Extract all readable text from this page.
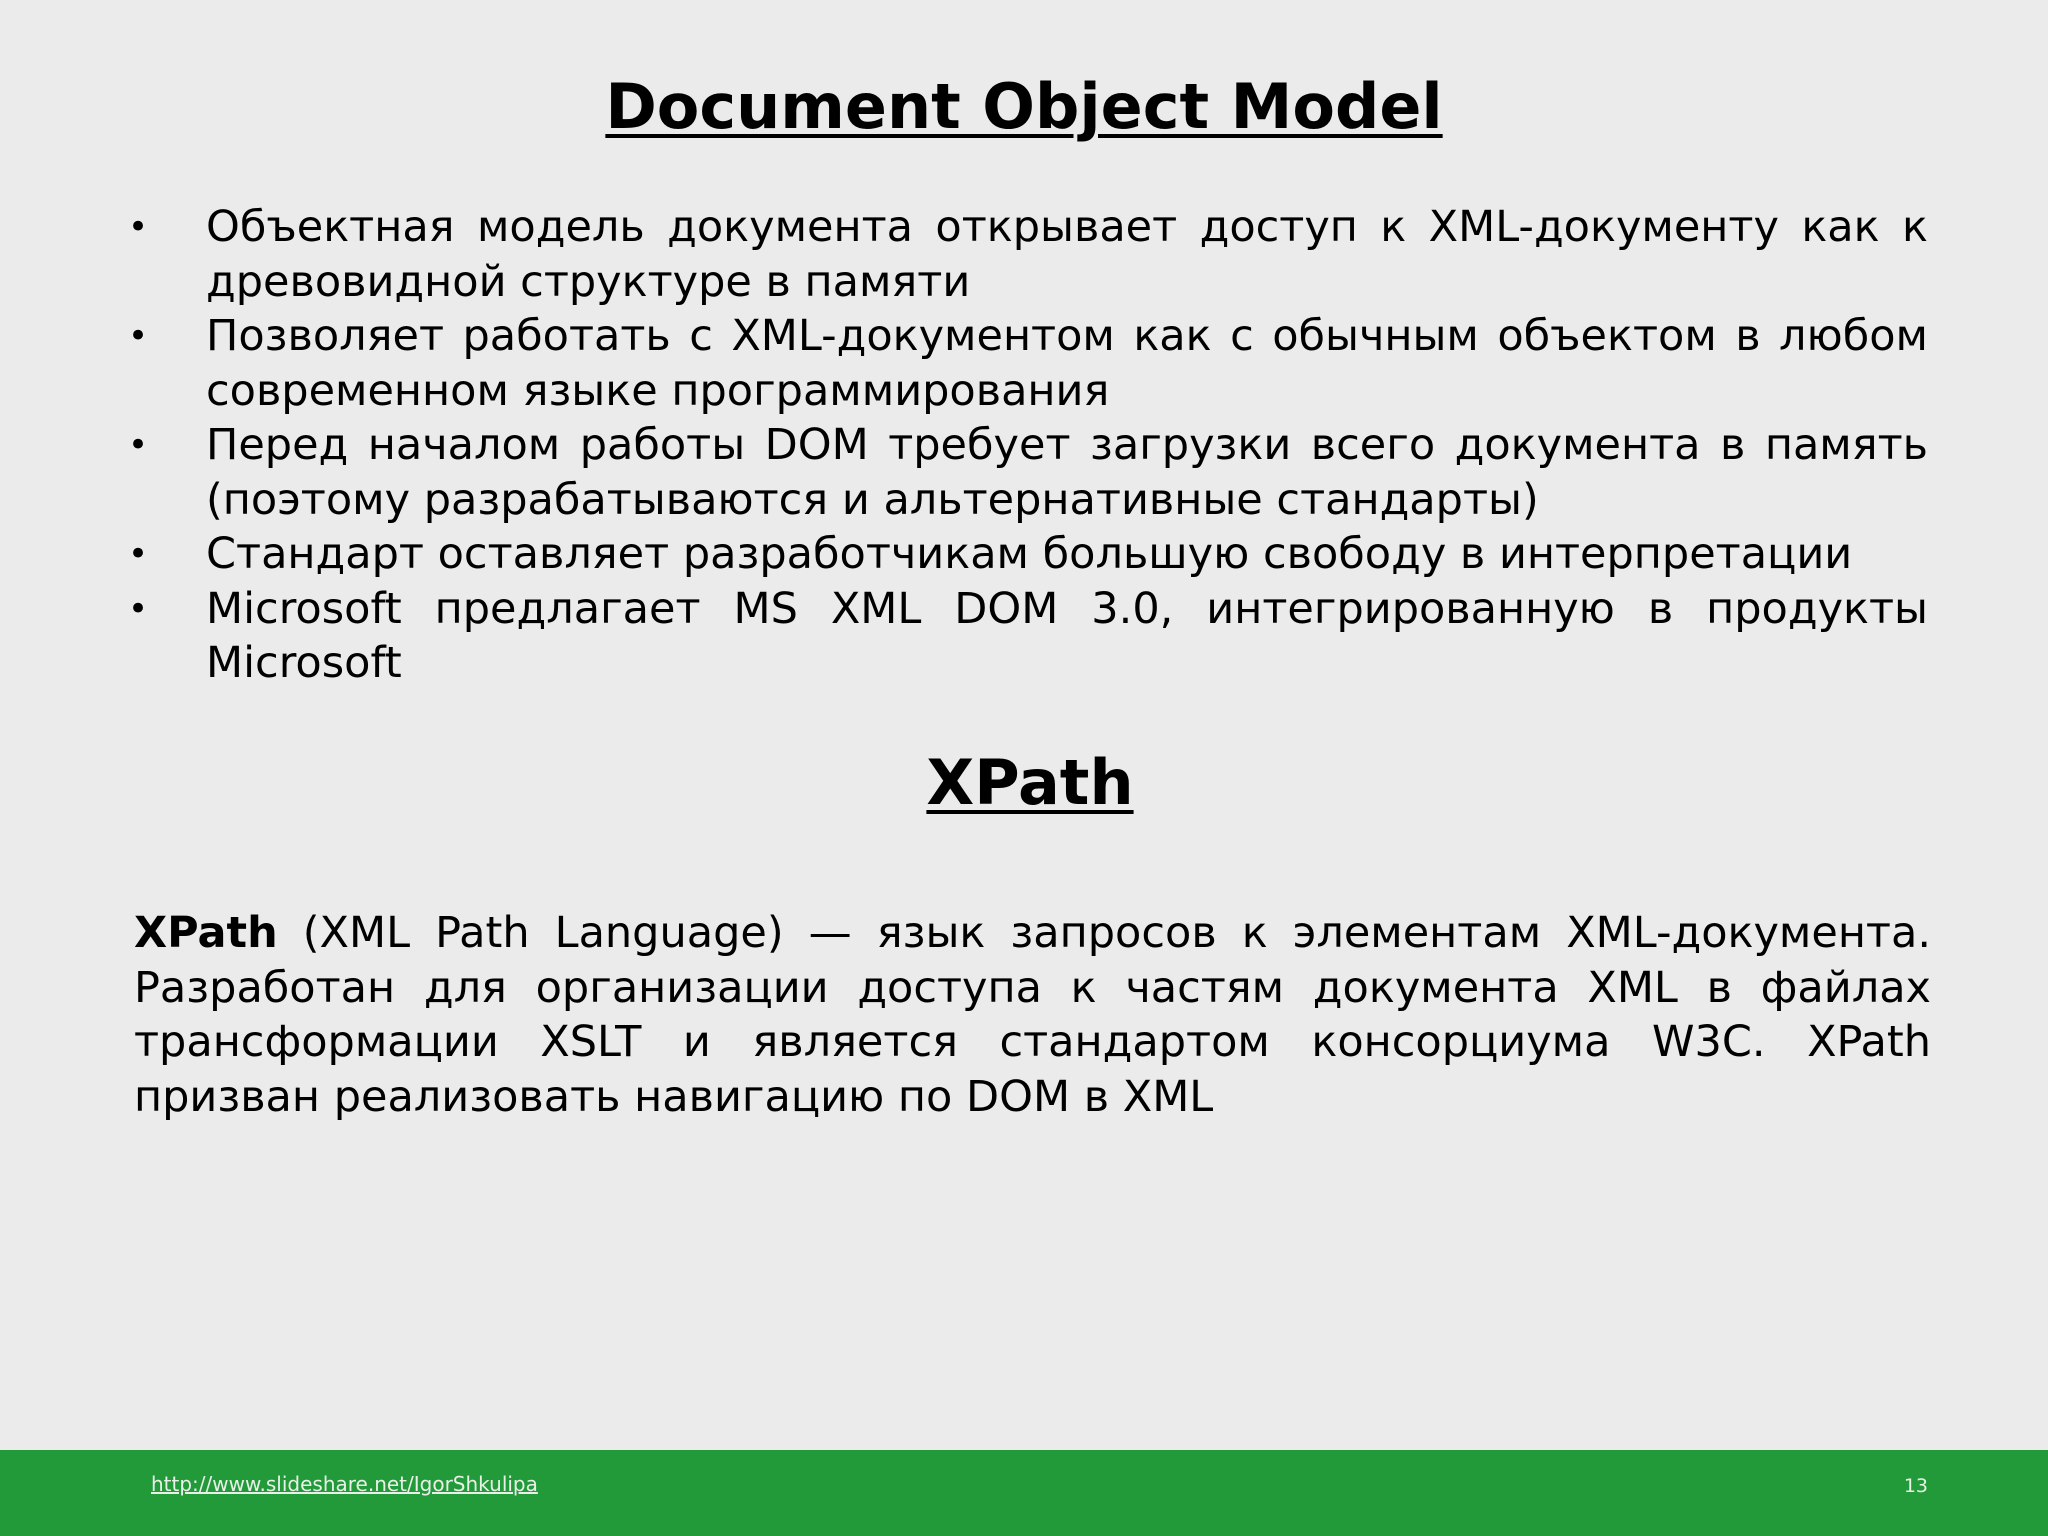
Document Object Model
• Объектная модель документа открывает доступ к XML-документу как к древовидной структуре в памяти
• Позволяет работать с XML-документом как с обычным объектом в любом современном языке программирования
• Перед началом работы DOM требует загрузки всего документа в память (поэтому разрабатываются и альтернативные стандарты)
• Стандарт оставляет разработчикам большую свободу в интерпретации
• Microsoft предлагает MS XML DOM 3.0, интегрированную в продукты Microsoft
XPath

XPath (XML Path Language) — язык запросов к элементам XML-документа. Разработан для организации доступа к частям документа XML в файлах трансформации XSLT и является стандартом консорциума W3C. XPath призван реализовать навигацию по DOM в XML

http://www.slideshare.net/IgorShkulipa	13
